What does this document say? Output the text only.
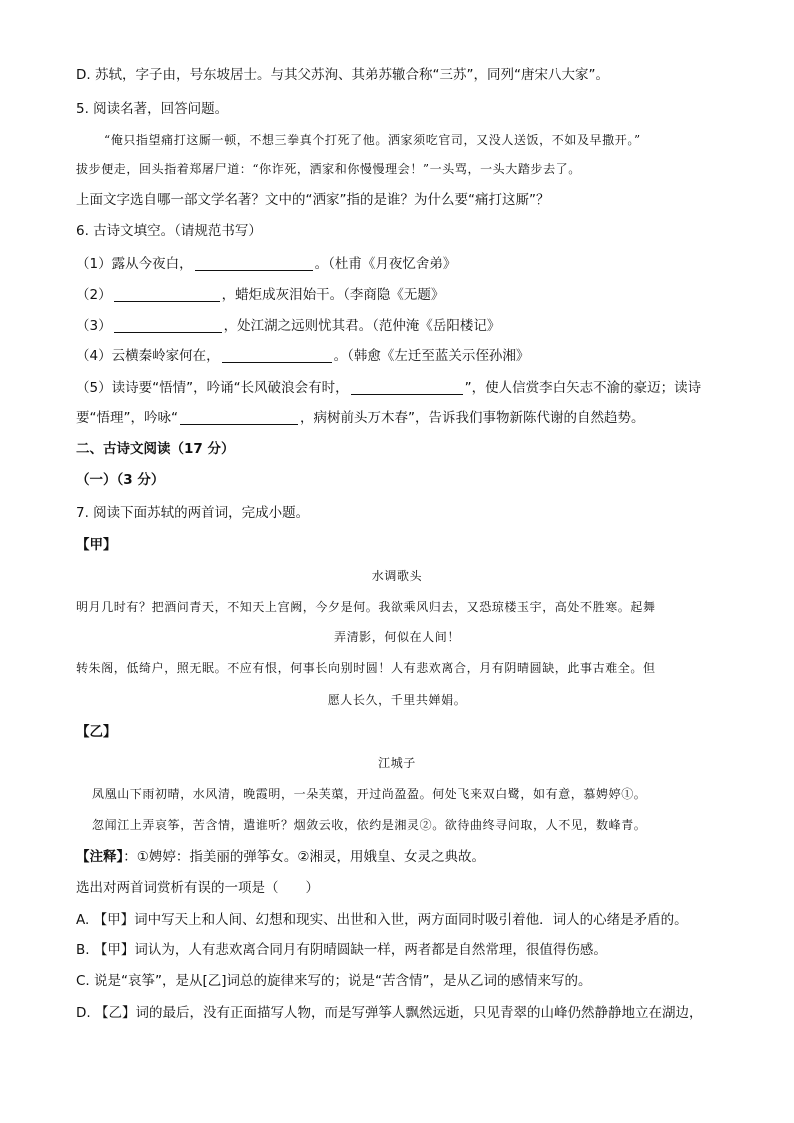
D. 苏轼，字子由，号东坡居士。与其父苏洵、其弟苏辙合称“三苏”，同列“唐宋八大家”。
5. 阅读名著，回答问题。
“俺只指望痛打这厮一顿，不想三拳真个打死了他。洒家须吃官司，又没人送饭，不如及早撒开。”
拔步便走，回头指着郑屠尸道：“你诈死，洒家和你慢慢理会！”一头骂，一头大踏步去了。
上面文字选自哪一部文学名著？文中的“洒家”指的是谁？为什么要“痛打这厮”？
6. 古诗文填空。（请规范书写）
（1）露从今夜白，	。（杜甫《月夜忆舍弟》
（2）	，蜡炬成灰泪始干。（李商隐《无题》
（3）	，处江湖之远则忧其君。（范仲淹《岳阳楼记》
（4）云横秦岭家何在，	。（韩愈《左迁至蓝关示侄孙湘》
（5）读诗要“悟情”，吟诵“长风破浪会有时，	”，使人信赏李白矢志不渝的豪迈；读诗
要“悟理”，吟咏“	，病树前头万木春”，告诉我们事物新陈代谢的自然趋势。
二、古诗文阅读（17 分）
（一）（3 分）
7. 阅读下面苏轼的两首词，完成小题。
【甲】
水调歌头
明月几时有？把酒问青天，不知天上宫阙，今夕是何。我欲乘风归去，又恐琼楼玉宇，高处不胜寒。起舞
弄清影，何似在人间！
转朱阁，低绮户，照无眠。不应有恨，何事长向别时圆！人有悲欢离合，月有阴晴圆缺，此事古难全。但
愿人长久，千里共婵娟。
【乙】
江城子
凤凰山下雨初晴，水风清，晚霞明，一朵芙蕖，开过尚盈盈。何处飞来双白鹭，如有意，慕娉婷①。
忽闻江上弄哀筝，苦含情，遣谁听？烟敛云收，依约是湘灵②。欲待曲终寻问取，人不见，数峰青。
【注释】：①娉婷：指美丽的弹筝女。②湘灵，用娥皇、女灵之典故。
选出对两首词赏析有误的一项是（　　）
A. 【甲】词中写天上和人间、幻想和现实、出世和入世，两方面同时吸引着他．词人的心绪是矛盾的。
B. 【甲】词认为，人有悲欢离合同月有阴晴圆缺一样，两者都是自然常理，很值得伤感。
C. 说是“哀筝”，是从[乙]词总的旋律来写的；说是“苦含情”，是从乙词的感情来写的。
D. 【乙】词的最后，没有正面描写人物，而是写弹筝人飘然远逝，只见青翠的山峰仍然静静地立在湖边，
